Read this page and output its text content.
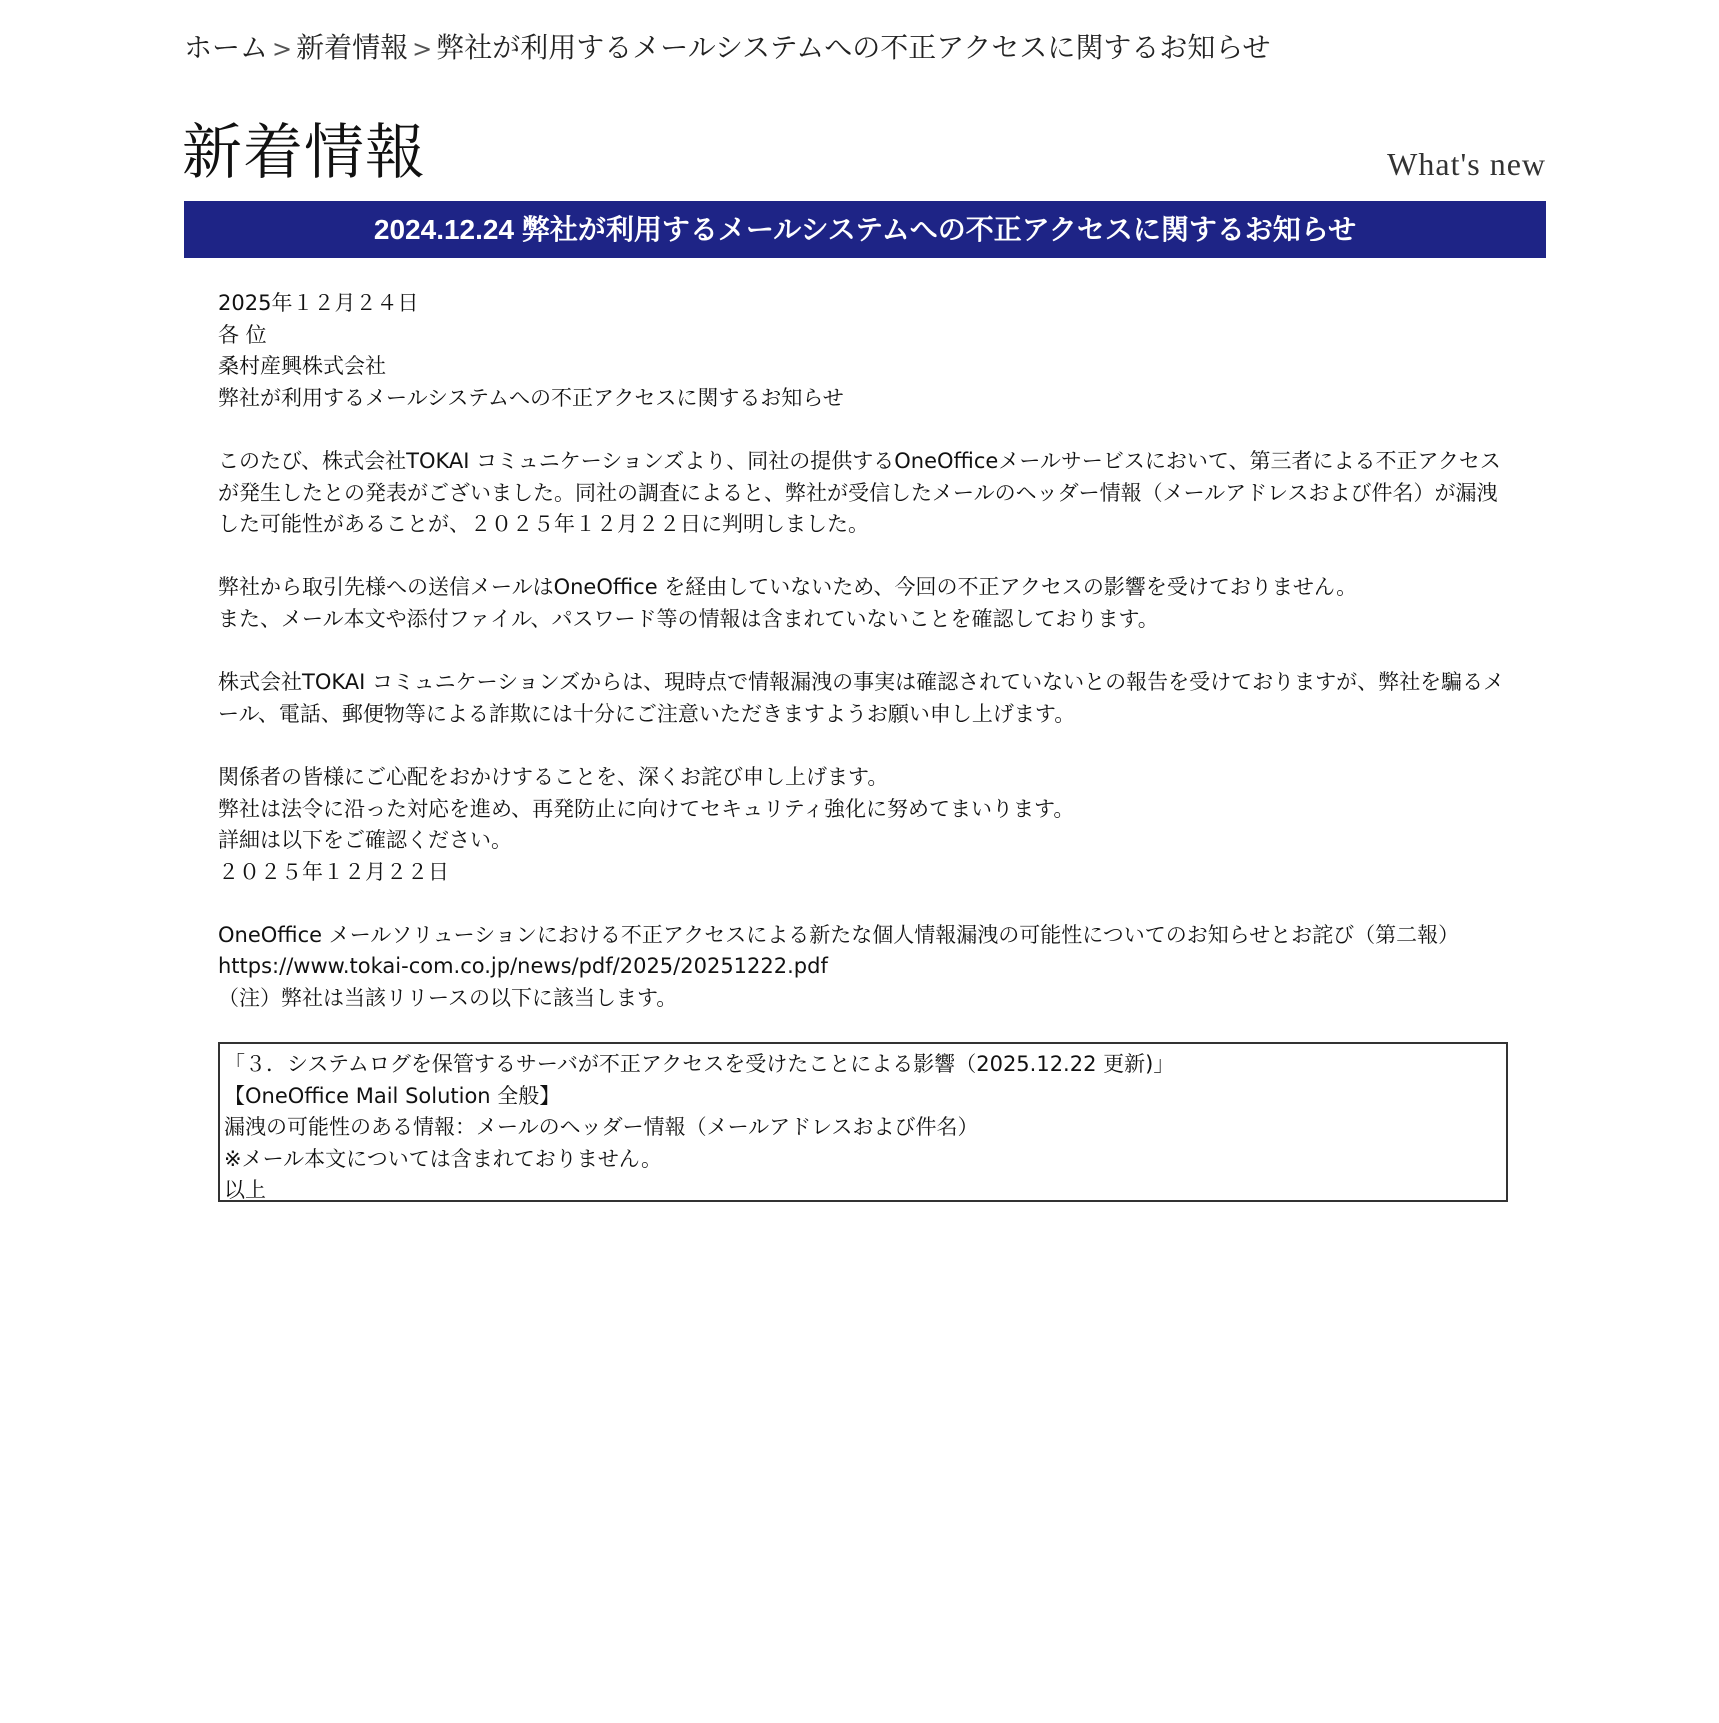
ホーム > 新着情報 > 弊社が利用するメールシステムへの不正アクセスに関するお知らせ
新着情報	What's new
2024.12.24 弊社が利用するメールシステムへの不正アクセスに関するお知らせ

2025年１２月２４日

各 位

桑村産興株式会社

弊社が利用するメールシステムへの不正アクセスに関するお知らせ

このたび、株式会社TOKAI コミュニケーションズより、同社の提供するOneOfficeメールサービスにおいて、第三者による不正アクセスが発生したとの発表がございました。同社の調査によると、弊社が受信したメールのヘッダー情報（メールアドレスおよび件名）が漏洩した可能性があることが、２０２５年１２月２２日に判明しました。

弊社から取引先様への送信メールはOneOffice を経由していないため、今回の不正アクセスの影響を受けておりません。

また、メール本文や添付ファイル、パスワード等の情報は含まれていないことを確認しております。

株式会社TOKAI コミュニケーションズからは、現時点で情報漏洩の事実は確認されていないとの報告を受けておりますが、弊社を騙るメール、電話、郵便物等による詐欺には十分にご注意いただきますようお願い申し上げます。

関係者の皆様にご心配をおかけすることを、深くお詫び申し上げます。

弊社は法令に沿った対応を進め、再発防止に向けてセキュリティ強化に努めてまいります。

詳細は以下をご確認ください。

２０２５年１２月２２日

OneOffice メールソリューションにおける不正アクセスによる新たな個人情報漏洩の可能性についてのお知らせとお詫び（第二報）

https://www.tokai-com.co.jp/news/pdf/2025/20251222.pdf

（注）弊社は当該リリースの以下に該当します。

「３．システムログを保管するサーバが不正アクセスを受けたことによる影響（2025.12.22 更新)」

【OneOffice Mail Solution 全般】

漏洩の可能性のある情報：メールのヘッダー情報（メールアドレスおよび件名）

※メール本文については含まれておりません。

以上
